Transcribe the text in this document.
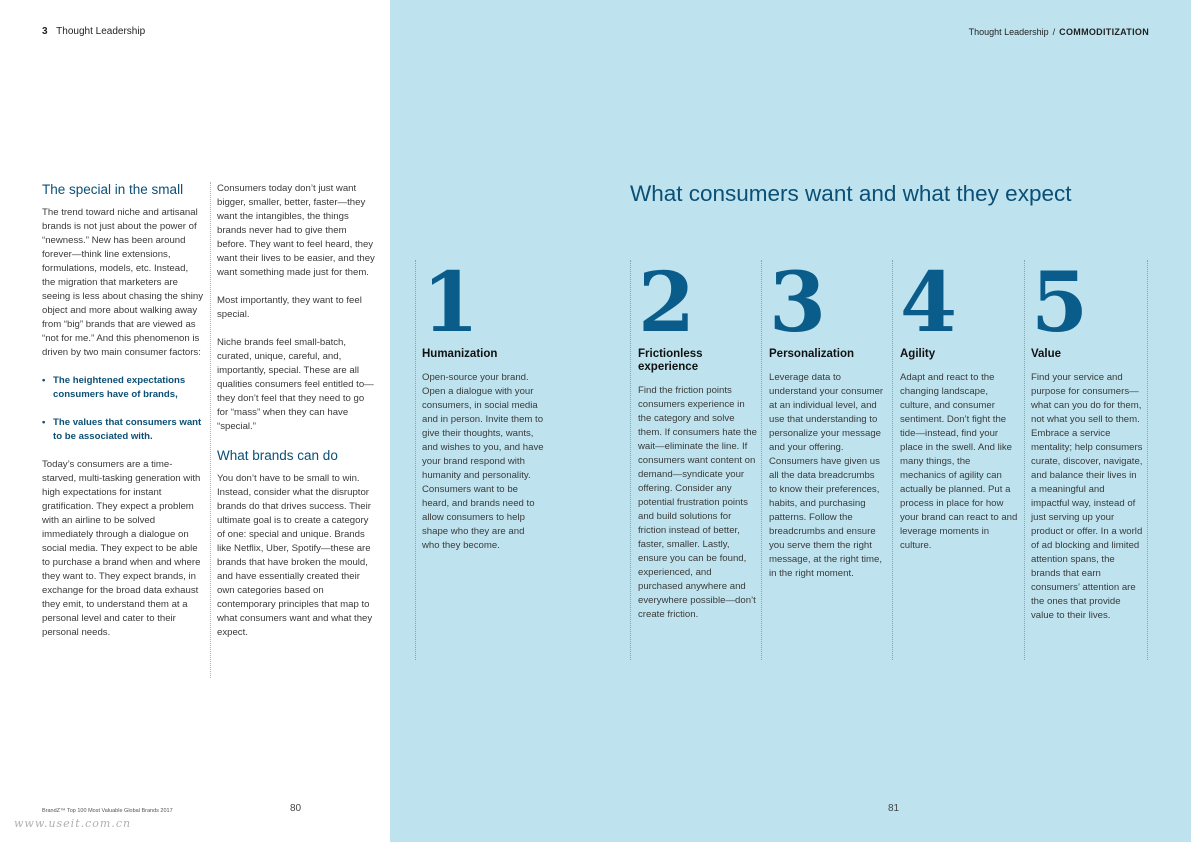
3 Thought Leadership	Thought Leadership / COMMODITIZATION
The special in the small

The trend toward niche and artisanal brands is not just about the power of “newness.” New has been around forever—think line extensions, formulations, models, etc. Instead, the migration that marketers are seeing is less about chasing the shiny object and more about walking away from “big” brands that are viewed as “not for me.” And this phenomenon is driven by two main consumer factors:

• The heightened expectations consumers have of brands,
• The values that consumers want to be associated with.

Today’s consumers are a time-starved, multi-tasking generation with high expectations for instant gratification. They expect a problem with an airline to be solved immediately through a dialogue on social media. They expect to be able to purchase a brand when and where they want to. They expect brands, in exchange for the broad data exhaust they emit, to understand them at a personal level and cater to their personal needs.

Consumers today don’t just want bigger, smaller, better, faster—they want the intangibles, the things brands never had to give them before. They want to feel heard, they want their lives to be easier, and they want something made just for them.

Most importantly, they want to feel special.

Niche brands feel small-batch, curated, unique, careful, and, importantly, special. These are all qualities consumers feel entitled to—they don’t feel that they need to go for “mass” when they can have “special.”

What brands can do

You don’t have to be small to win. Instead, consider what the disruptor brands do that drives success. Their ultimate goal is to create a category of one: special and unique. Brands like Netflix, Uber, Spotify—these are brands that have broken the mould, and have essentially created their own categories based on contemporary principles that map to what consumers want and what they expect.

What consumers want and what they expect
1
Humanization
Open-source your brand. Open a dialogue with your consumers, in social media and in person. Invite them to give their thoughts, wants, and wishes to you, and have your brand respond with humanity and personality. Consumers want to be heard, and brands need to allow consumers to help shape who they are and who they become.
2
Frictionless experience
Find the friction points consumers experience in the category and solve them. If consumers hate the wait—eliminate the line. If consumers want content on demand—syndicate your offering. Consider any potential frustration points and build solutions for friction instead of better, faster, smaller. Lastly, ensure you can be found, experienced, and purchased anywhere and everywhere possible—don’t create friction.
3
Personalization
Leverage data to understand your consumer at an individual level, and use that understanding to personalize your message and your offering. Consumers have given us all the data breadcrumbs to know their preferences, habits, and purchasing patterns. Follow the breadcrumbs and ensure you serve them the right message, at the right time, in the right moment.
4
Agility
Adapt and react to the changing landscape, culture, and consumer sentiment. Don’t fight the tide—instead, find your place in the swell. And like many things, the mechanics of agility can actually be planned. Put a process in place for how your brand can react to and leverage moments in culture.
5
Value
Find your service and purpose for consumers—what can you do for them, not what you sell to them. Embrace a service mentality; help consumers curate, discover, navigate, and balance their lives in a meaningful and impactful way, instead of just serving up your product or offer. In a world of ad blocking and limited attention spans, the brands that earn consumers’ attention are the ones that provide value to their lives.
BrandZ™ Top 100 Most Valuable Global Brands 2017	80	81
www.useit.com.cn
